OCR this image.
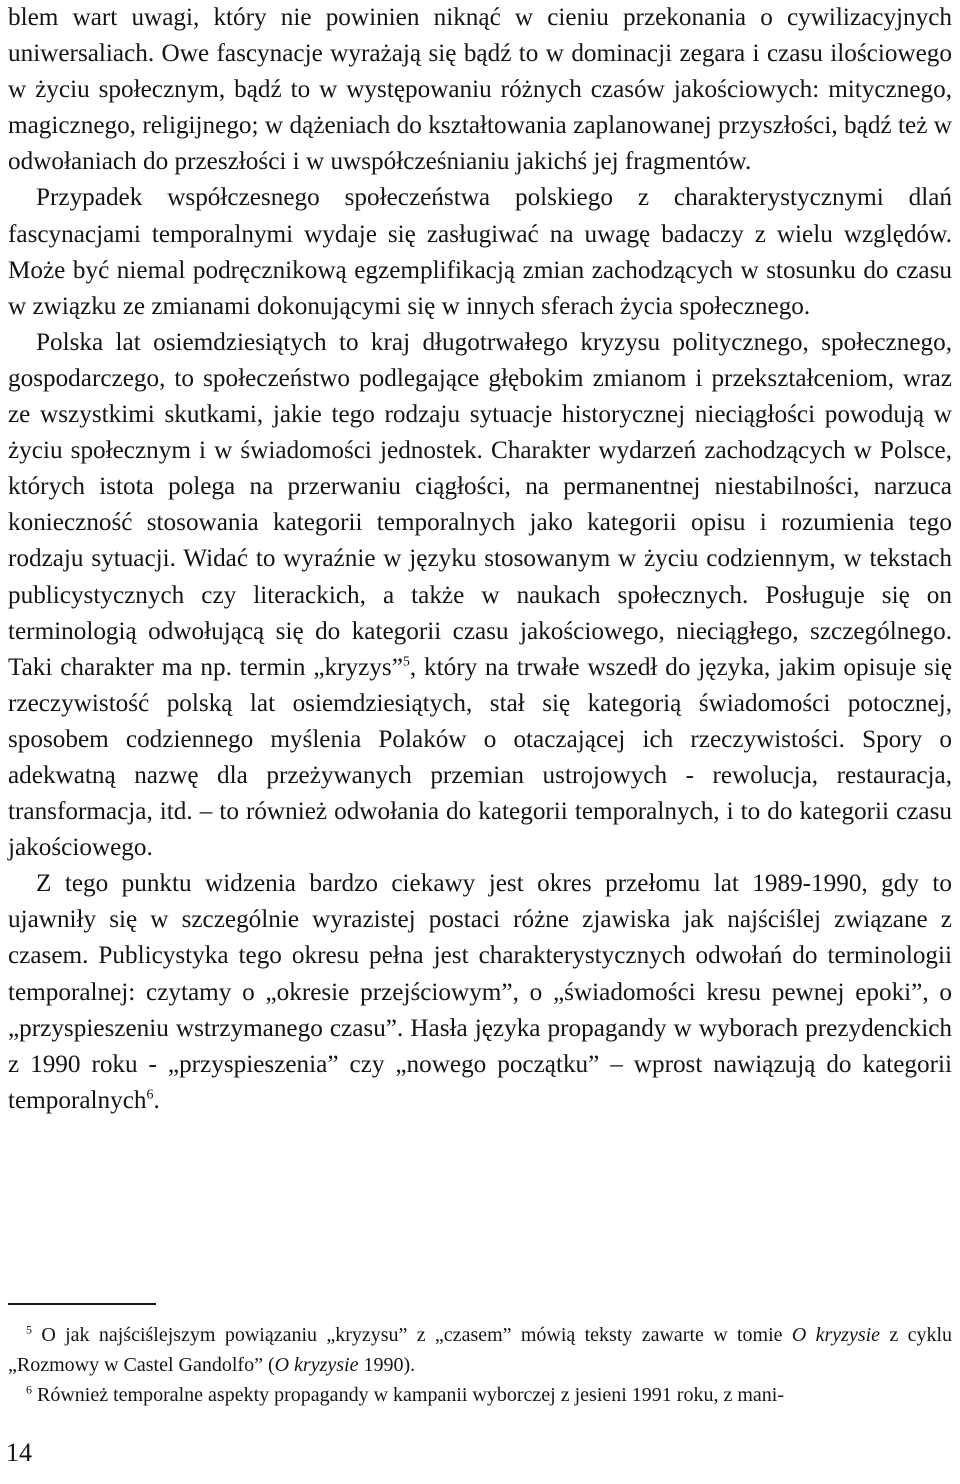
blem wart uwagi, który nie powinien niknąć w cieniu przekonania o cywilizacyjnych uniwersaliach. Owe fascynacje wyrażają się bądź to w dominacji zegara i czasu ilościowego w życiu społecznym, bądź to w występowaniu różnych czasów jakościowych: mitycznego, magicznego, religijnego; w dążeniach do kształtowania zaplanowanej przyszłości, bądź też w odwołaniach do przeszłości i w uwspółcześnianiu jakichś jej fragmentów.

Przypadek współczesnego społeczeństwa polskiego z charakterystycznymi dlań fascynacjami temporalnymi wydaje się zasługiwać na uwagę badaczy z wielu względów. Może być niemal podręcznikową egzemplifikacją zmian zachodzących w stosunku do czasu w związku ze zmianami dokonującymi się w innych sferach życia społecznego.

Polska lat osiemdziesiątych to kraj długotrwałego kryzysu politycznego, społecznego, gospodarczego, to społeczeństwo podlegające głębokim zmianom i przekształceniom, wraz ze wszystkimi skutkami, jakie tego rodzaju sytuacje historycznej nieciągłości powodują w życiu społecznym i w świadomości jednostek. Charakter wydarzeń zachodzących w Polsce, których istota polega na przerwaniu ciągłości, na permanentnej niestabilności, narzuca konieczność stosowania kategorii temporalnych jako kategorii opisu i rozumienia tego rodzaju sytuacji. Widać to wyraźnie w języku stosowanym w życiu codziennym, w tekstach publicystycznych czy literackich, a także w naukach społecznych. Posługuje się on terminologią odwołującą się do kategorii czasu jakościowego, nieciągłego, szczególnego. Taki charakter ma np. termin „kryzys”$^5$, który na trwałe wszedł do języka, jakim opisuje się rzeczywistość polską lat osiemdziesiątych, stał się kategorią świadomości potocznej, sposobem codziennego myślenia Polaków o otaczającej ich rzeczywistości. Spory o adekwatną nazwę dla przeżywanych przemian ustrojowych - rewolucja, restauracja, transformacja, itd. – to również odwołania do kategorii temporalnych, i to do kategorii czasu jakościowego.

Z tego punktu widzenia bardzo ciekawy jest okres przełomu lat 1989-1990, gdy to ujawniły się w szczególnie wyrazistej postaci różne zjawiska jak najściślej związane z czasem. Publicystyka tego okresu pełna jest charakterystycznych odwołań do terminologii temporalnej: czytamy o „okresie przejściowym”, o „świadomości kresu pewnej epoki”, o „przyspieszeniu wstrzymanego czasu”. Hasła języka propagandy w wyborach prezydenckich z 1990 roku - „przyspieszenia” czy „nowego początku” – wprost nawiązują do kategorii temporalnych$^6$.

$^5$ O jak najściślejszym powiązaniu „kryzysu” z „czasem” mówią teksty zawarte w tomie O kryzysie z cyklu „Rozmowy w Castel Gandolfo” (O kryzysie 1990).

$^6$ Również temporalne aspekty propagandy w kampanii wyborczej z jesieni 1991 roku, z mani-

14
